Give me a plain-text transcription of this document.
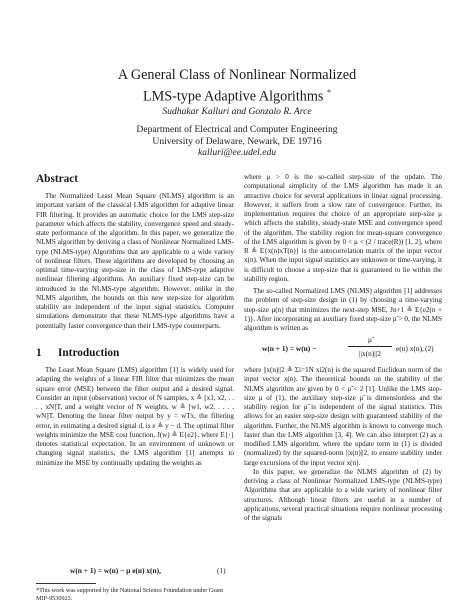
A General Class of Nonlinear Normalized
LMS-type Adaptive Algorithms *
Sudhakar Kalluri and Gonzalo R. Arce
Department of Electrical and Computer Engineering
University of Delaware, Newark, DE 19716
kalluri@ee.udel.edu
Abstract

The Normalized Least Mean Square (NLMS) algorithm is an important variant of the classical LMS algorithm for adaptive linear FIR filtering. It provides an automatic choice for the LMS step-size parameter which affects the stability, convergence speed and steady-state performance of the algorithm. In this paper, we generalize the NLMS algorithm by deriving a class of Nonlinear Normalized LMS-type (NLMS-type) Algorithms that are applicable to a wide variety of nonlinear filters. These algorithms are developed by choosing an optimal time-varying step-size in the class of LMS-type adaptive nonlinear filtering algorithms. An auxiliary fixed step-size can be introduced in the NLMS-type algorithm. However, unlike in the NLMS algorithm, the bounds on this new step-size for algorithm stability are independent of the input signal statistics. Computer simulations demonstrate that these NLMS-type algorithms have a potentially faster convergence than their LMS-type counterparts.

1 Introduction

The Least Mean Square (LMS) algorithm [1] is widely used for adapting the weights of a linear FIR filter that minimizes the mean square error (MSE) between the filter output and a desired signal. Consider an input (observation) vector of N samples, x ≜ [x1, x2, . . . , xN]T, and a weight vector of N weights, w ≜ [w1, w2, . . . , wN]T. Denoting the linear filter output by y = wTx, the filtering error, in estimating a desired signal d, is e ≜ y − d. The optimal filter weights minimize the MSE cost function, J(w) ≜ E{e2}, where E{·} denotes statistical expectation. In an environment of unknown or changing signal statistics, the LMS algorithm [1] attempts to minimize the MSE by continually updating the weights as

w(n + 1) = w(n) − μ e(n) x(n),	(1)
*This work was supported by the National Science Foundation under Grant MIP-9530923.

where μ > 0 is the so-called step-size of the update. The computational simplicity of the LMS algorithm has made it an attractive choice for several applications in linear signal processing. However, it suffers from a slow rate of convergence. Further, its implementation requires the choice of an appropriate step-size μ which affects the stability, steady-state MSE and convergence speed of the algorithm. The stability region for mean-square convergence of the LMS algorithm is given by 0 < μ < (2 / trace(R)) [1, 2], where R ≜ E{x(n)xT(n)} is the autocorrelation matrix of the input vector x(n). When the input signal statistics are unknown or time-varying, it is difficult to choose a step-size that is guaranteed to lie within the stability region.

The so-called Normalized LMS (NLMS) algorithm [1] addresses the problem of step-size design in (1) by choosing a time-varying step-size μ(n) that minimizes the next-step MSE, Jn+1 ≜ E{e2(n + 1)}. After incorporating an auxiliary fixed step-size μ̃ > 0, the NLMS algorithm is written as

w(n + 1) = w(n) −
μ̃
||x(n)||2
e(n) x(n), (2)

where ||x(n)||2 ≜ Σi=1N xi2(n) is the squared Euclidean norm of the input vector x(n). The theoretical bounds on the stability of the NLMS algorithm are given by 0 < μ̃ < 2 [1]. Unlike the LMS step-size μ of (1), the auxiliary step-size μ̃ is dimensionless and the stability region for μ̃ is independent of the signal statistics. This allows for an easier step-size design with guaranteed stability of the algorithm. Further, the NLMS algorithm is known to converge much faster than the LMS algorithm [3, 4]. We can also interpret (2) as a modified LMS algorithm, where the update term in (1) is divided (normalized) by the squared-norm ||x(n)||2, to ensure stability under large excursions of the input vector x(n).

In this paper, we generalize the NLMS algorithm of (2) by deriving a class of Nonlinear Normalized LMS-type (NLMS-type) Algorithms that are applicable to a wide variety of nonlinear filter structures. Although linear filters are useful in a number of applications, several practical situations require nonlinear processing of the signals
